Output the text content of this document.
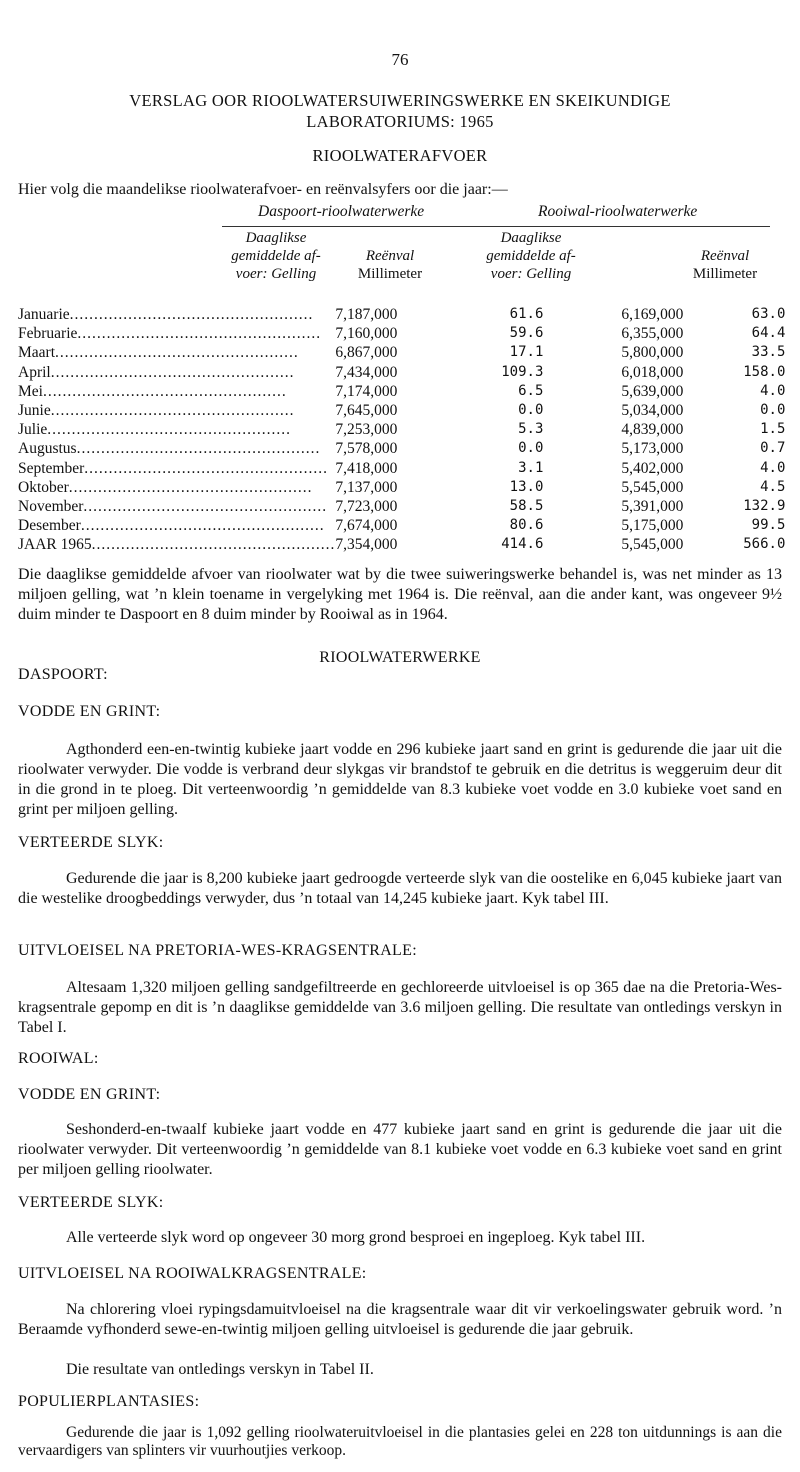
76
VERSLAG OOR RIOOLWATERSUIWERINGSWERKE EN SKEIKUNDIGE
LABORATORIUMS: 1965
RIOOLWATERAFVOER
Hier volg die maandelikse rioolwaterafvoer- en reënvalsyfers oor die jaar:—
Daspoort-rioolwaterwerke	Rooiwal-rioolwaterwerke
Daaglikse
gemiddelde af-
voer: Gelling
Reënval
Millimeter
Daaglikse
gemiddelde af-
voer: Gelling
Reënval
Millimeter
Januarie..................................................	7,187,000	61.6	6,169,000	63.0
Februarie..................................................	7,160,000	59.6	6,355,000	64.4
Maart..................................................	6,867,000	17.1	5,800,000	33.5
April..................................................	7,434,000	109.3	6,018,000	158.0
Mei..................................................	7,174,000	6.5	5,639,000	4.0
Junie..................................................	7,645,000	0.0	5,034,000	0.0
Julie..................................................	7,253,000	5.3	4,839,000	1.5
Augustus..................................................	7,578,000	0.0	5,173,000	0.7
September..................................................	7,418,000	3.1	5,402,000	4.0
Oktober..................................................	7,137,000	13.0	5,545,000	4.5
November..................................................	7,723,000	58.5	5,391,000	132.9
Desember..................................................	7,674,000	80.6	5,175,000	99.5
JAAR 1965..................................................	7,354,000	414.6	5,545,000	566.0
Die daaglikse gemiddelde afvoer van rioolwater wat by die twee suiweringswerke behandel is, was net minder as 13 miljoen gelling, wat ’n klein toename in vergelyking met 1964 is. Die reënval, aan die ander kant, was ongeveer 9½ duim minder te Daspoort en 8 duim minder by Rooiwal as in 1964.
RIOOLWATERWERKE
DASPOORT:
VODDE EN GRINT:
Agthonderd een-en-twintig kubieke jaart vodde en 296 kubieke jaart sand en grint is gedurende die jaar uit die rioolwater verwyder. Die vodde is verbrand deur slykgas vir brandstof te gebruik en die detritus is weggeruim deur dit in die grond in te ploeg. Dit verteenwoordig ’n gemiddelde van 8.3 kubieke voet vodde en 3.0 kubieke voet sand en grint per miljoen gelling.
VERTEERDE SLYK:
Gedurende die jaar is 8,200 kubieke jaart gedroogde verteerde slyk van die oostelike en 6,045 kubieke jaart van die westelike droogbeddings verwyder, dus ’n totaal van 14,245 kubieke jaart. Kyk tabel III.
UITVLOEISEL NA PRETORIA-WES-KRAGSENTRALE:
Altesaam 1,320 miljoen gelling sandgefiltreerde en gechloreerde uitvloeisel is op 365 dae na die Pretoria-Wes-kragsentrale gepomp en dit is ’n daaglikse gemiddelde van 3.6 miljoen gelling. Die resultate van ontledings verskyn in Tabel I.
ROOIWAL:
VODDE EN GRINT:
Seshonderd-en-twaalf kubieke jaart vodde en 477 kubieke jaart sand en grint is gedurende die jaar uit die rioolwater verwyder. Dit verteenwoordig ’n gemiddelde van 8.1 kubieke voet vodde en 6.3 kubieke voet sand en grint per miljoen gelling rioolwater.
VERTEERDE SLYK:
Alle verteerde slyk word op ongeveer 30 morg grond besproei en ingeploeg. Kyk tabel III.
UITVLOEISEL NA ROOIWALKRAGSENTRALE:
Na chlorering vloei rypingsdamuitvloeisel na die kragsentrale waar dit vir verkoelingswater gebruik word. ’n Beraamde vyfhonderd sewe-en-twintig miljoen gelling uitvloeisel is gedurende die jaar gebruik.
Die resultate van ontledings verskyn in Tabel II.
POPULIERPLANTASIES:
Gedurende die jaar is 1,092 gelling rioolwateruitvloeisel in die plantasies gelei en 228 ton uitdunnings is aan die vervaardigers van splinters vir vuurhoutjies verkoop.
